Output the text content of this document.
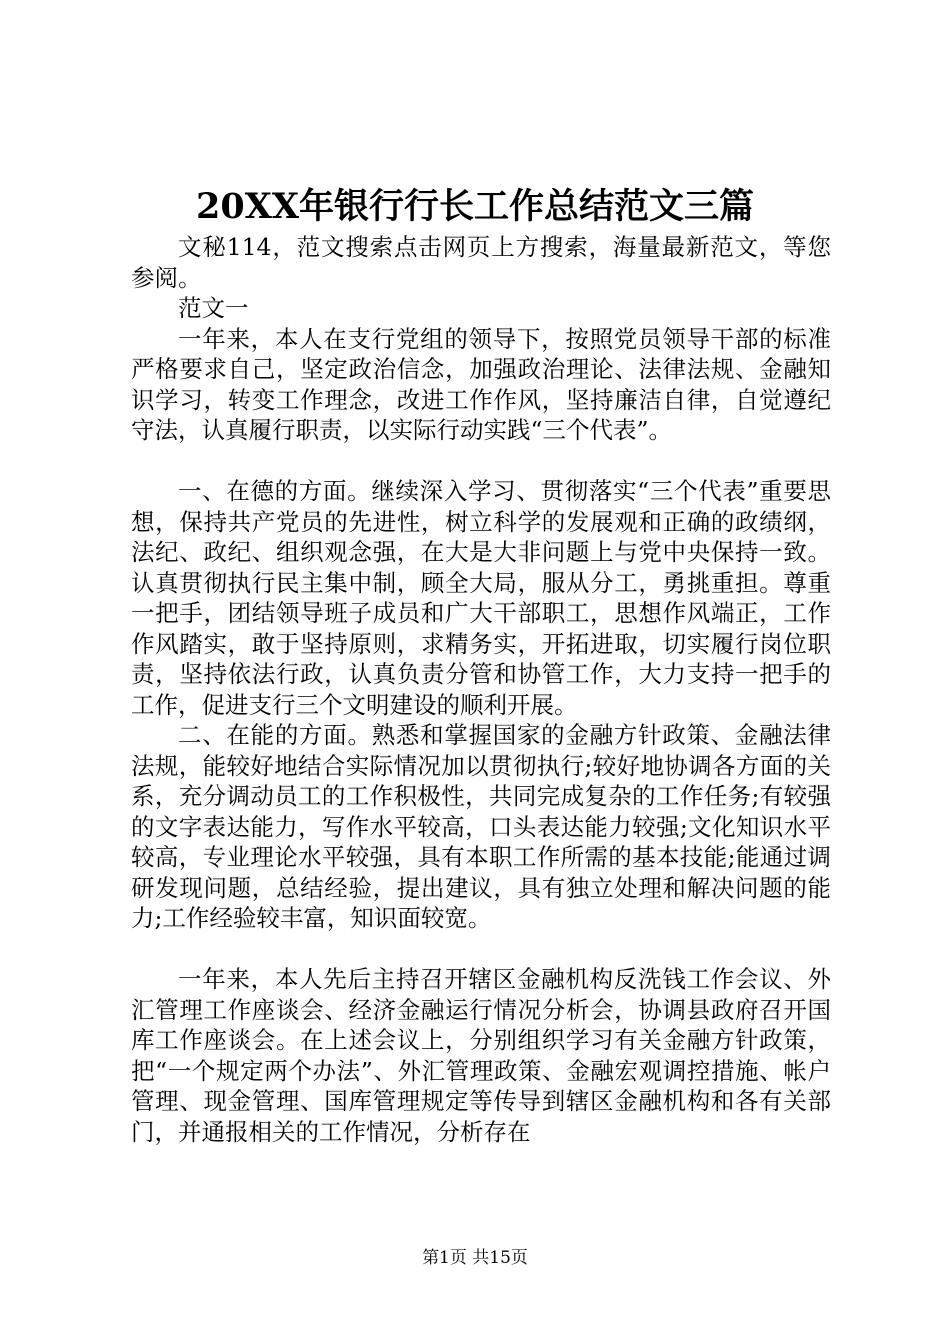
20XX年银行行长工作总结范文三篇

文秘114，范文搜索点击网页上方搜索，海量最新范文，等您参阅。

范文一

一年来，本人在支行党组的领导下，按照党员领导干部的标准严格要求自己，坚定政治信念，加强政治理论、法律法规、金融知识学习，转变工作理念，改进工作作风，坚持廉洁自律，自觉遵纪守法，认真履行职责，以实际行动实践“三个代表”。

一、在德的方面。继续深入学习、贯彻落实“三个代表”重要思想，保持共产党员的先进性，树立科学的发展观和正确的政绩纲，法纪、政纪、组织观念强，在大是大非问题上与党中央保持一致。认真贯彻执行民主集中制，顾全大局，服从分工，勇挑重担。尊重一把手，团结领导班子成员和广大干部职工，思想作风端正，工作作风踏实，敢于坚持原则，求精务实，开拓进取，切实履行岗位职责，坚持依法行政，认真负责分管和协管工作，大力支持一把手的工作，促进支行三个文明建设的顺利开展。

二、在能的方面。熟悉和掌握国家的金融方针政策、金融法律法规，能较好地结合实际情况加以贯彻执行;较好地协调各方面的关系，充分调动员工的工作积极性，共同完成复杂的工作任务;有较强的文字表达能力，写作水平较高，口头表达能力较强;文化知识水平较高，专业理论水平较强，具有本职工作所需的基本技能;能通过调研发现问题，总结经验，提出建议，具有独立处理和解决问题的能力;工作经验较丰富，知识面较宽。

一年来，本人先后主持召开辖区金融机构反洗钱工作会议、外汇管理工作座谈会、经济金融运行情况分析会，协调县政府召开国库工作座谈会。在上述会议上，分别组织学习有关金融方针政策，把“一个规定两个办法”、外汇管理政策、金融宏观调控措施、帐户管理、现金管理、国库管理规定等传导到辖区金融机构和各有关部门，并通报相关的工作情况，分析存在

第1页 共15页
